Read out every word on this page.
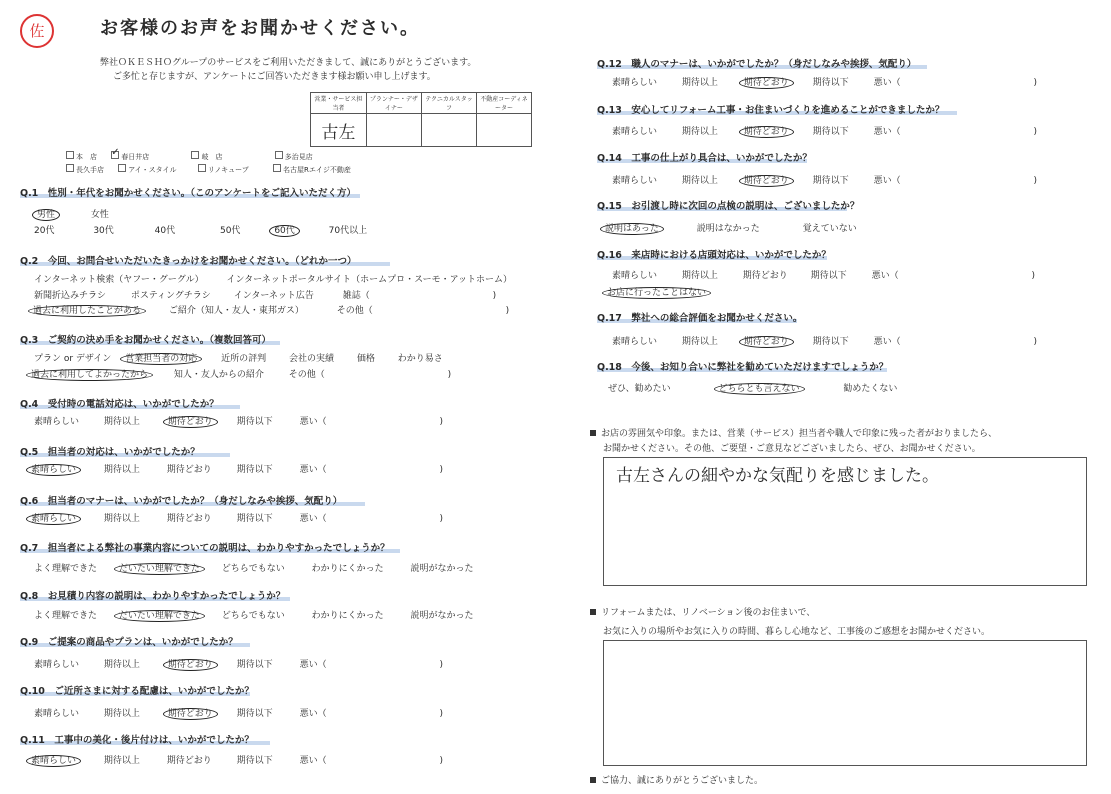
佐	お客様のお声をお聞かせください。
弊社ＯＫＥＳＨＯグループのサービスをご利用いただきまして、誠にありがとうございます。
ご多忙と存じますが、アンケートにご回答いただきます様お願い申し上げます。
営業・サービス担当者	プランナー・デザイナー	テクニカルスタッフ	不動産コーディネーター
古左			
本　店 ✓ 春日井店	岐　店	多治見店
長久手店	アイ・スタイル	リノキューブ	名古屋Rエイジ不動産
Q.1　性別・年代をお聞かせください。（このアンケートをご記入いただく方）
男性	女性
20代	30代	40代	50代	60代	70代以上
Q.2　今回、お問合せいただいたきっかけをお聞かせください。（どれか一つ）
インターネット検索（ヤフー・グーグル）	インターネットポータルサイト（ホームプロ・スーモ・アットホーム）
新聞折込みチラシ	ポスティングチラシ	インターネット広告	雑誌（	)
過去に利用したことがある	ご紹介（知人・友人・東邦ガス）	その他（	)
Q.3　ご契約の決め手をお聞かせください。（複数回答可）
プラン or デザイン 営業担当者の対応	近所の評判	会社の実績	価格	わかり易さ
過去に利用してよかったから	知人・友人からの紹介	その他（	)
Q.4　受付時の電話対応は、いかがでしたか？
素晴らしい	期待以上	期待どおり	期待以下	悪い（	)
Q.5　担当者の対応は、いかがでしたか？
素晴らしい	期待以上	期待どおり	期待以下	悪い（	)
Q.6　担当者のマナーは、いかがでしたか？（身だしなみや挨拶、気配り）
素晴らしい	期待以上	期待どおり	期待以下	悪い（	)
Q.7　担当者による弊社の事業内容についての説明は、わかりやすかったでしょうか？
よく理解できた だいたい理解できた どちらでもない	わかりにくかった	説明がなかった
Q.8　お見積り内容の説明は、わかりやすかったでしょうか？
よく理解できた だいたい理解できた どちらでもない	わかりにくかった	説明がなかった
Q.9　ご提案の商品やプランは、いかがでしたか？
素晴らしい	期待以上	期待どおり	期待以下	悪い（	)
Q.10　ご近所さまに対する配慮は、いかがでしたか？
素晴らしい	期待以上	期待どおり	期待以下	悪い（	)
Q.11　工事中の美化・後片付けは、いかがでしたか？
素晴らしい	期待以上	期待どおり	期待以下	悪い（	)
Q.12　職人のマナーは、いかがでしたか？（身だしなみや挨拶、気配り）
素晴らしい	期待以上	期待どおり	期待以下	悪い（	)
Q.13　安心してリフォーム工事・お住まいづくりを進めることができましたか？
素晴らしい	期待以上	期待どおり	期待以下	悪い（	)
Q.14　工事の仕上がり具合は、いかがでしたか？
素晴らしい	期待以上	期待どおり	期待以下	悪い（	)
Q.15　お引渡し時に次回の点検の説明は、ございましたか？
説明はあった	説明はなかった	覚えていない
Q.16　来店時における店頭対応は、いかがでしたか？
素晴らしい	期待以上	期待どおり	期待以下	悪い（	)
お店に行ったことはない
Q.17　弊社への総合評価をお聞かせください。
素晴らしい	期待以上	期待どおり	期待以下	悪い（	)
Q.18　今後、お知り合いに弊社を勧めていただけますでしょうか？
ぜひ、勧めたい	どちらとも言えない	勧めたくない
お店の雰囲気や印象。または、営業（サービス）担当者や職人で印象に残った者がおりましたら、
お聞かせください。その他、ご要望・ご意見などございましたら、ぜひ、お聞かせください。
古左さんの細やかな気配りを感じました。
リフォームまたは、リノベーション後のお住まいで、
お気に入りの場所やお気に入りの時間、暮らし心地など、工事後のご感想をお聞かせください。
ご協力、誠にありがとうございました。
